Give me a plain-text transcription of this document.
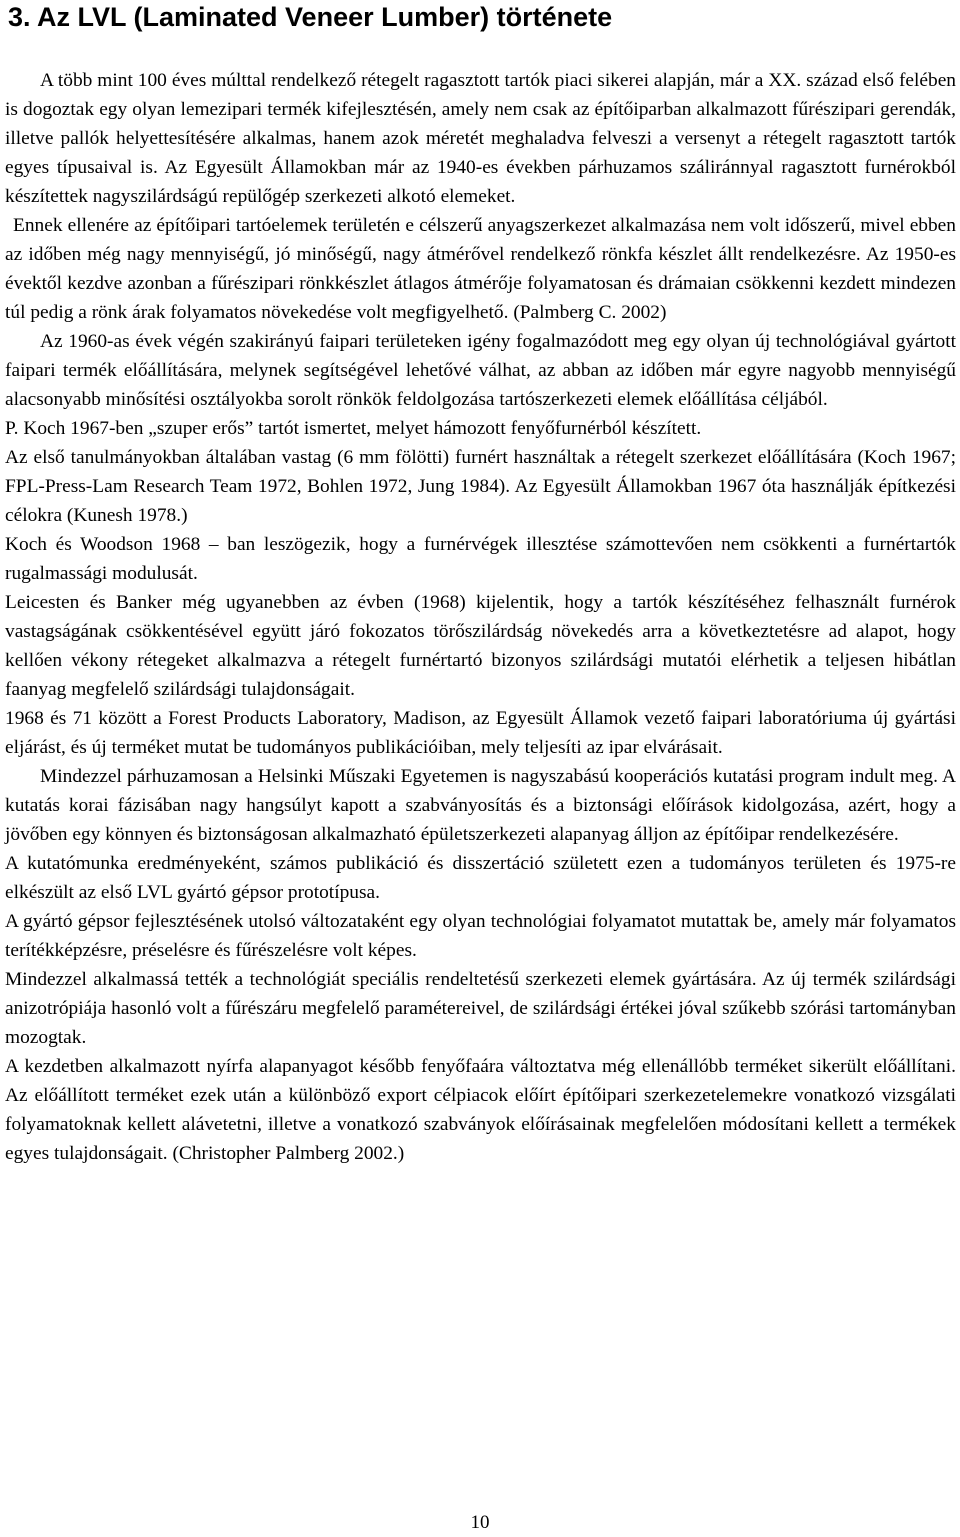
3. Az LVL (Laminated Veneer Lumber) története

A több mint 100 éves múlttal rendelkező rétegelt ragasztott tartók piaci sikerei alapján, már a XX. század első felében is dogoztak egy olyan lemezipari termék kifejlesztésén, amely nem csak az építőiparban alkalmazott fűrészipari gerendák, illetve pallók helyettesítésére alkalmas, hanem azok méretét meghaladva felveszi a versenyt a rétegelt ragasztott tartók egyes típusaival is. Az Egyesült Államokban már az 1940-es években párhuzamos száliránnyal ragasztott furnérokból készítettek nagyszilárdságú repülőgép szerkezeti alkotó elemeket.

Ennek ellenére az építőipari tartóelemek területén e célszerű anyagszerkezet alkalmazása nem volt időszerű, mivel ebben az időben még nagy mennyiségű, jó minőségű, nagy átmérővel rendelkező rönkfa készlet állt rendelkezésre. Az 1950-es évektől kezdve azonban a fűrészipari rönkkészlet átlagos átmérője folyamatosan és drámaian csökkenni kezdett mindezen túl pedig a rönk árak folyamatos növekedése volt megfigyelhető. (Palmberg C. 2002)

Az 1960-as évek végén szakirányú faipari területeken igény fogalmazódott meg egy olyan új technológiával gyártott faipari termék előállítására, melynek segítségével lehetővé válhat, az abban az időben már egyre nagyobb mennyiségű alacsonyabb minősítési osztályokba sorolt rönkök feldolgozása tartószerkezeti elemek előállítása céljából.

P. Koch 1967-ben „szuper erős” tartót ismertet, melyet hámozott fenyőfurnérból készített.

Az első tanulmányokban általában vastag (6 mm fölötti) furnért használtak a rétegelt szerkezet előállítására (Koch 1967; FPL-Press-Lam Research Team 1972, Bohlen 1972, Jung 1984). Az Egyesült Államokban 1967 óta használják építkezési célokra (Kunesh 1978.)

Koch és Woodson 1968 – ban leszögezik, hogy a furnérvégek illesztése számottevően nem csökkenti a furnértartók rugalmassági modulusát.

Leicesten és Banker még ugyanebben az évben (1968) kijelentik, hogy a tartók készítéséhez felhasznált furnérok vastagságának csökkentésével együtt járó fokozatos törőszilárdság növekedés arra a következtetésre ad alapot, hogy kellően vékony rétegeket alkalmazva a rétegelt furnértartó bizonyos szilárdsági mutatói elérhetik a teljesen hibátlan faanyag megfelelő szilárdsági tulajdonságait.

1968 és 71 között a Forest Products Laboratory, Madison, az Egyesült Államok vezető faipari laboratóriuma új gyártási eljárást, és új terméket mutat be tudományos publikációiban, mely teljesíti az ipar elvárásait.

Mindezzel párhuzamosan a Helsinki Műszaki Egyetemen is nagyszabású kooperációs kutatási program indult meg. A kutatás korai fázisában nagy hangsúlyt kapott a szabványosítás és a biztonsági előírások kidolgozása, azért, hogy a jövőben egy könnyen és biztonságosan alkalmazható épületszerkezeti alapanyag álljon az építőipar rendelkezésére.

A kutatómunka eredményeként, számos publikáció és disszertáció született ezen a tudományos területen és 1975-re elkészült az első LVL gyártó gépsor prototípusa.

A gyártó gépsor fejlesztésének utolsó változataként egy olyan technológiai folyamatot mutattak be, amely már folyamatos terítékképzésre, préselésre és fűrészelésre volt képes.

Mindezzel alkalmassá tették a technológiát speciális rendeltetésű szerkezeti elemek gyártására. Az új termék szilárdsági anizotrópiája hasonló volt a fűrészáru megfelelő paramétereivel, de szilárdsági értékei jóval szűkebb szórási tartományban mozogtak.

A kezdetben alkalmazott nyírfa alapanyagot később fenyőfaára változtatva még ellenállóbb terméket sikerült előállítani. Az előállított terméket ezek után a különböző export célpiacok előírt építőipari szerkezetelemekre vonatkozó vizsgálati folyamatoknak kellett alávetetni, illetve a vonatkozó szabványok előírásainak megfelelően módosítani kellett a termékek egyes tulajdonságait. (Christopher Palmberg 2002.)

10
